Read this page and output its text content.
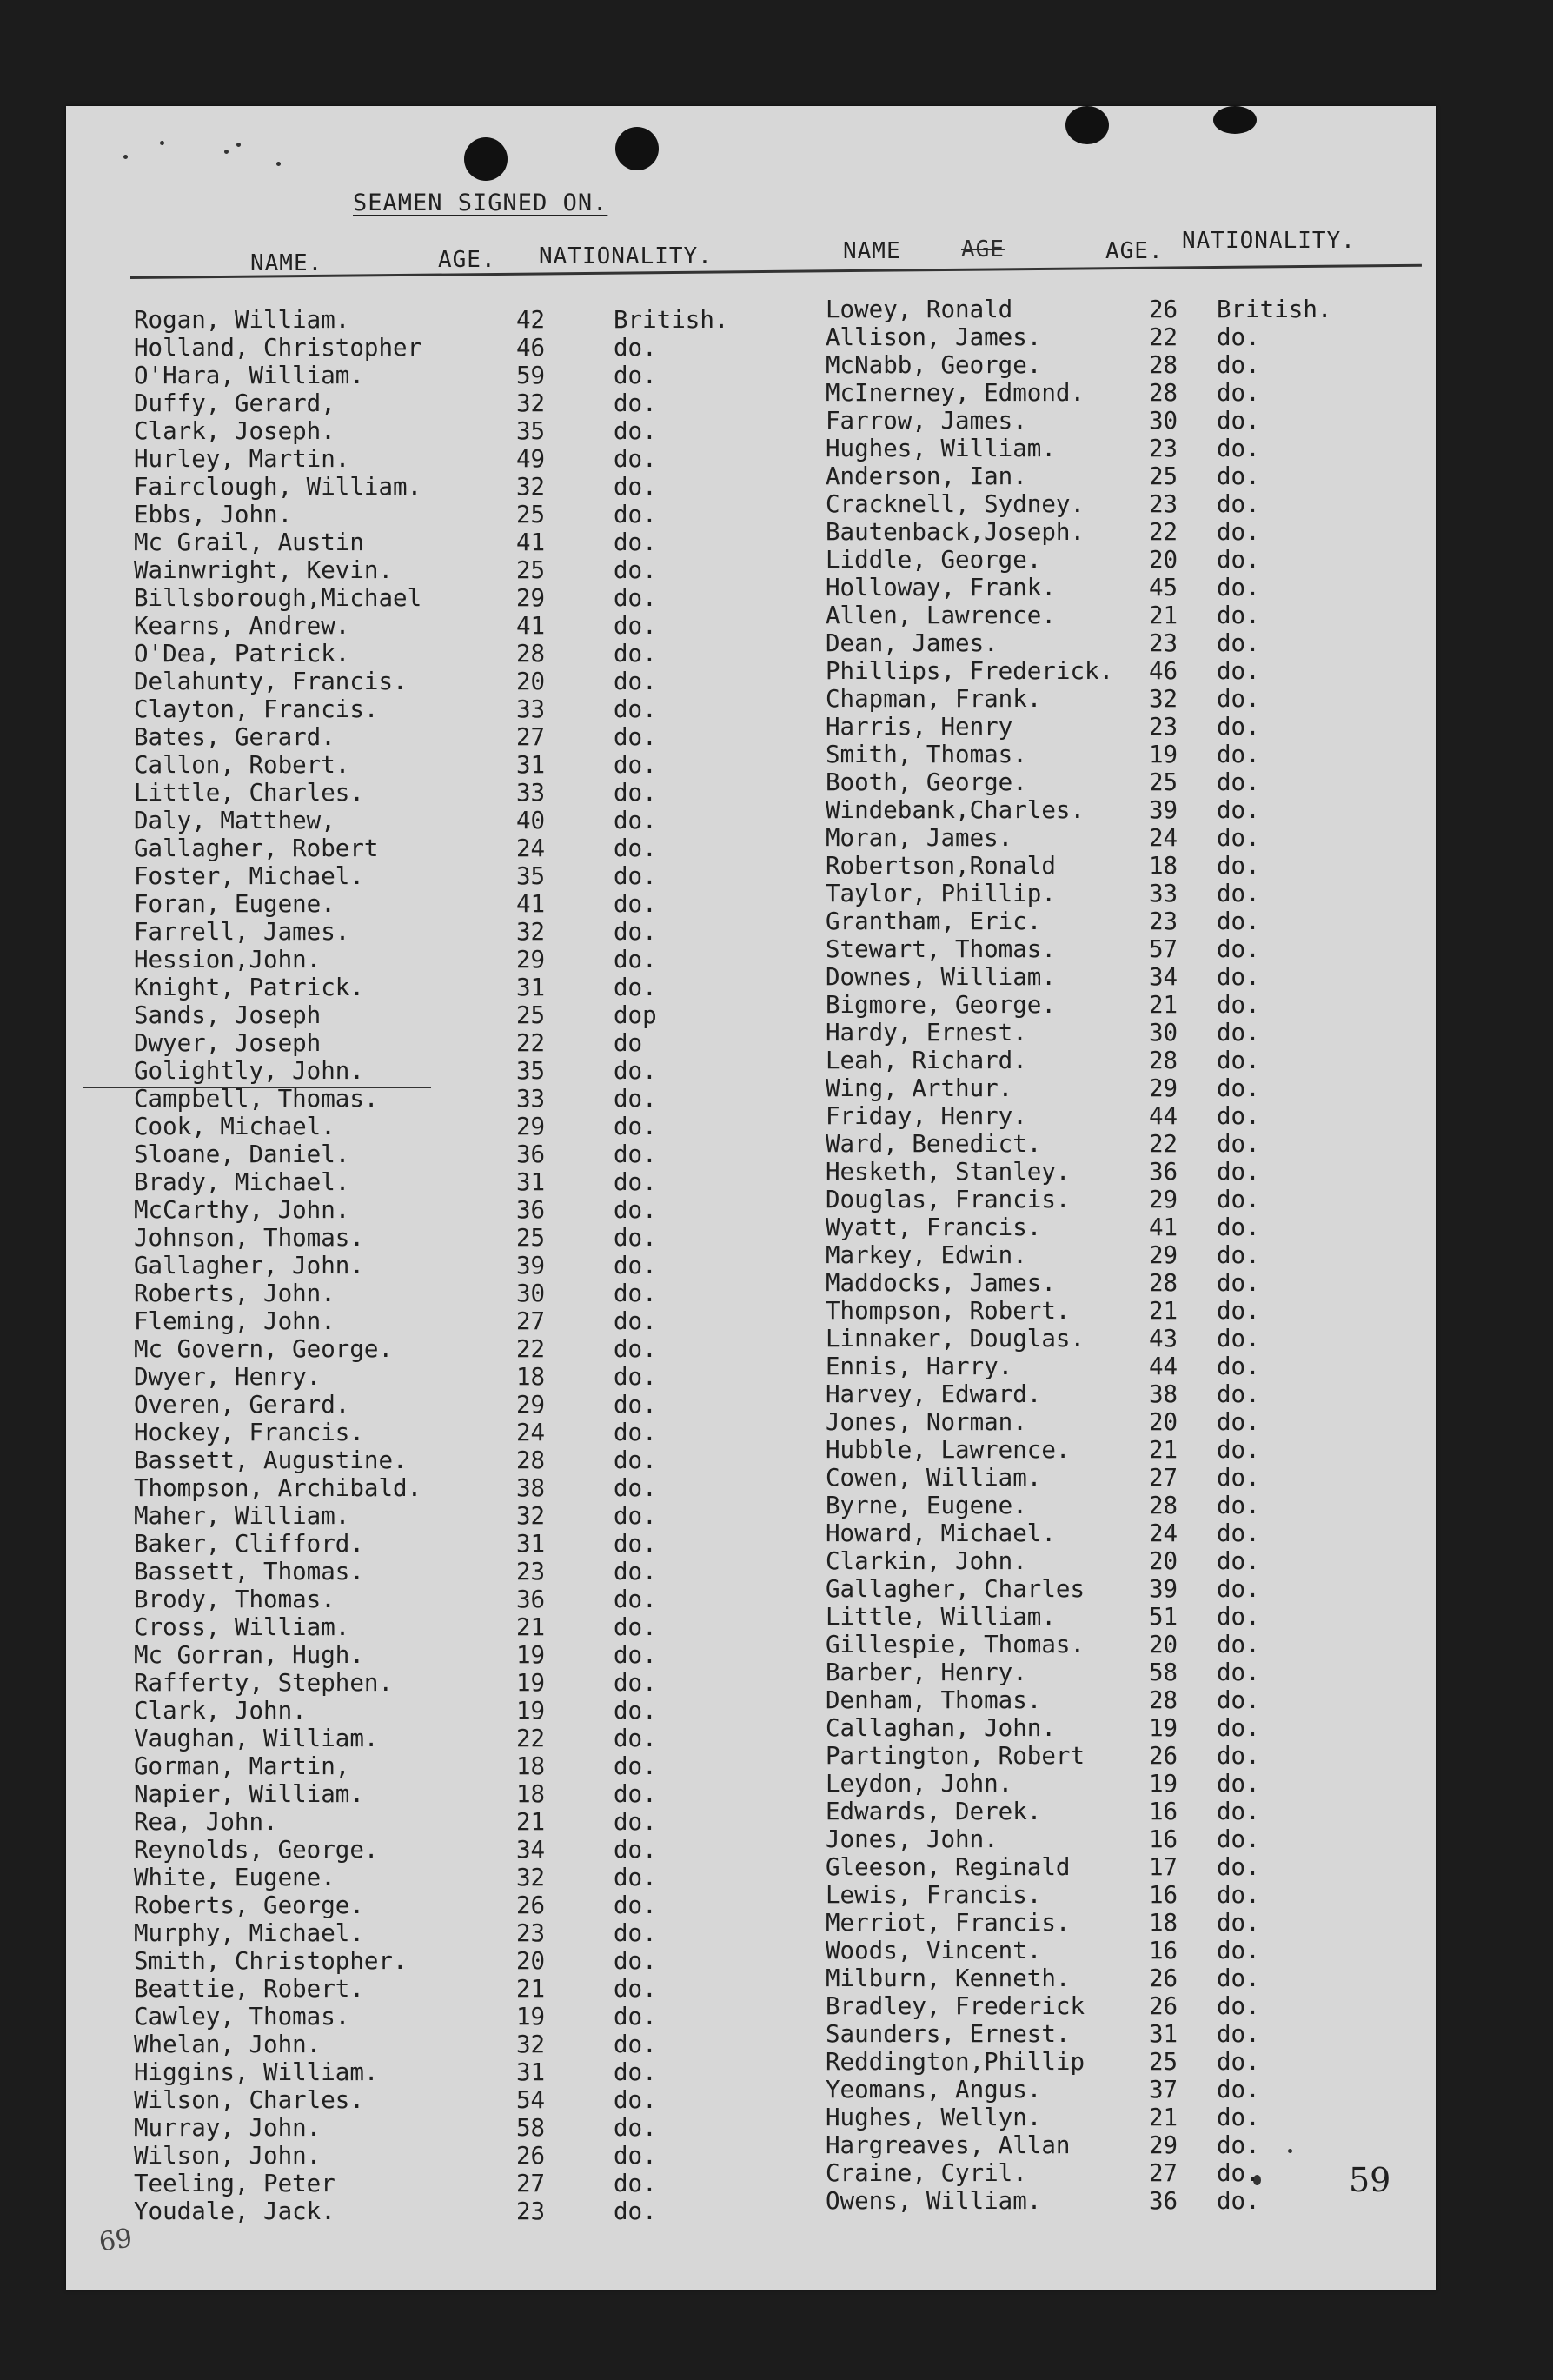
SEAMEN SIGNED ON.
NAME.	AGE. NATIONALITY.	NAME	AGE	AGE. NATIONALITY.
Rogan, William.	42	British.
Holland, Christopher	46	do.
O'Hara, William.	59	do.
Duffy, Gerard,	32	do.
Clark, Joseph.	35	do.
Hurley, Martin.	49	do.
Fairclough, William.	32	do.
Ebbs, John.	25	do.
Mc Grail, Austin	41	do.
Wainwright, Kevin.	25	do.
Billsborough,Michael	29	do.
Kearns, Andrew.	41	do.
O'Dea, Patrick.	28	do.
Delahunty, Francis.	20	do.
Clayton, Francis.	33	do.
Bates, Gerard.	27	do.
Callon, Robert.	31	do.
Little, Charles.	33	do.
Daly, Matthew,	40	do.
Gallagher, Robert	24	do.
Foster, Michael.	35	do.
Foran, Eugene.	41	do.
Farrell, James.	32	do.
Hession,John.	29	do.
Knight, Patrick.	31	do.
Sands, Joseph	25	dop
Dwyer, Joseph	22	do
Golightly, John.	35	do.
Campbell, Thomas.	33	do.
Cook, Michael.	29	do.
Sloane, Daniel.	36	do.
Brady, Michael.	31	do.
McCarthy, John.	36	do.
Johnson, Thomas.	25	do.
Gallagher, John.	39	do.
Roberts, John.	30	do.
Fleming, John.	27	do.
Mc Govern, George.	22	do.
Dwyer, Henry.	18	do.
Overen, Gerard.	29	do.
Hockey, Francis.	24	do.
Bassett, Augustine.	28	do.
Thompson, Archibald.	38	do.
Maher, William.	32	do.
Baker, Clifford.	31	do.
Bassett, Thomas.	23	do.
Brody, Thomas.	36	do.
Cross, William.	21	do.
Mc Gorran, Hugh.	19	do.
Rafferty, Stephen.	19	do.
Clark, John.	19	do.
Vaughan, William.	22	do.
Gorman, Martin,	18	do.
Napier, William.	18	do.
Rea, John.	21	do.
Reynolds, George.	34	do.
White, Eugene.	32	do.
Roberts, George.	26	do.
Murphy, Michael.	23	do.
Smith, Christopher.	20	do.
Beattie, Robert.	21	do.
Cawley, Thomas.	19	do.
Whelan, John.	32	do.
Higgins, William.	31	do.
Wilson, Charles.	54	do.
Murray, John.	58	do.
Wilson, John.	26	do.
Teeling, Peter	27	do.
Youdale, Jack.	23	do.
Lowey, Ronald	26 British.
Allison, James.	22 do.
McNabb, George.	28 do.
McInerney, Edmond.	28 do.
Farrow, James.	30 do.
Hughes, William.	23 do.
Anderson, Ian.	25 do.
Cracknell, Sydney.	23 do.
Bautenback,Joseph.	22 do.
Liddle, George.	20 do.
Holloway, Frank.	45 do.
Allen, Lawrence.	21 do.
Dean, James.	23 do.
Phillips, Frederick. 46 do.
Chapman, Frank.	32 do.
Harris, Henry	23 do.
Smith, Thomas.	19 do.
Booth, George.	25 do.
Windebank,Charles.	39 do.
Moran, James.	24 do.
Robertson,Ronald	18 do.
Taylor, Phillip.	33 do.
Grantham, Eric.	23 do.
Stewart, Thomas.	57 do.
Downes, William.	34 do.
Bigmore, George.	21 do.
Hardy, Ernest.	30 do.
Leah, Richard.	28 do.
Wing, Arthur.	29 do.
Friday, Henry.	44 do.
Ward, Benedict.	22 do.
Hesketh, Stanley.	36 do.
Douglas, Francis.	29 do.
Wyatt, Francis.	41 do.
Markey, Edwin.	29 do.
Maddocks, James.	28 do.
Thompson, Robert.	21 do.
Linnaker, Douglas.	43 do.
Ennis, Harry.	44 do.
Harvey, Edward.	38 do.
Jones, Norman.	20 do.
Hubble, Lawrence.	21 do.
Cowen, William.	27 do.
Byrne, Eugene.	28 do.
Howard, Michael.	24 do.
Clarkin, John.	20 do.
Gallagher, Charles	39 do.
Little, William.	51 do.
Gillespie, Thomas.	20 do.
Barber, Henry.	58 do.
Denham, Thomas.	28 do.
Callaghan, John.	19 do.
Partington, Robert	26 do.
Leydon, John.	19 do.
Edwards, Derek.	16 do.
Jones, John.	16 do.
Gleeson, Reginald	17 do.
Lewis, Francis.	16 do.
Merriot, Francis.	18 do.
Woods, Vincent.	16 do.
Milburn, Kenneth.	26 do.
Bradley, Frederick	26 do.
Saunders, Ernest.	31 do.
Reddington,Phillip	25 do.
Yeomans, Angus.	37 do.
Hughes, Wellyn.	21 do.
Hargreaves, Allan	29 do.
Craine, Cyril.	27 do.
Owens, William.	36 do.
59
69
